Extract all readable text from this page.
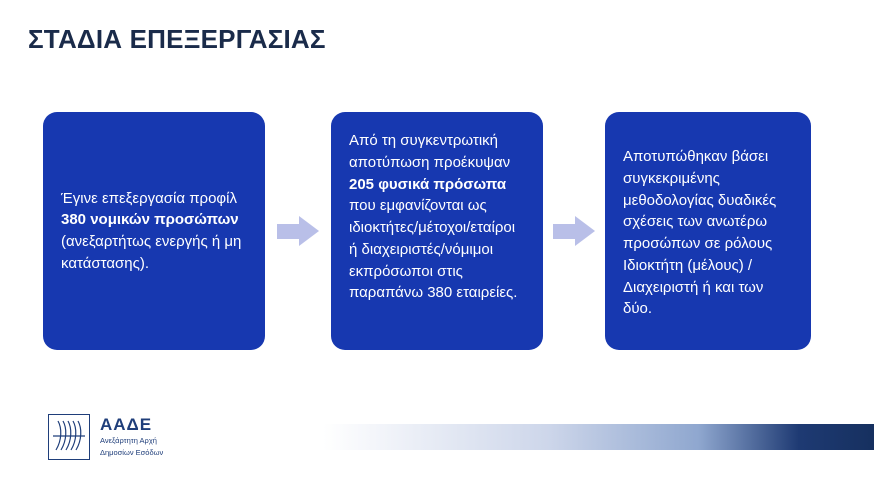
ΣΤΑΔΙΑ ΕΠΕΞΕΡΓΑΣΙΑΣ
Έγινε επεξεργασία προφίλ 380 νομικών προσώπων (ανεξαρτήτως ενεργής ή μη κατάστασης).
Από τη συγκεντρωτική αποτύπωση προέκυψαν 205 φυσικά πρόσωπα που εμφανίζονται ως ιδιοκτήτες/μέτοχοι/εταίροι ή διαχειριστές/νόμιμοι εκπρόσωποι στις παραπάνω 380 εταιρείες.
Αποτυπώθηκαν βάσει συγκεκριμένης μεθοδολογίας δυαδικές σχέσεις των ανωτέρω προσώπων σε ρόλους Ιδιοκτήτη (μέλους) / Διαχειριστή ή και των δύο.
ΑΑΔΕ
Ανεξάρτητη Αρχή
Δημοσίων Εσόδων
